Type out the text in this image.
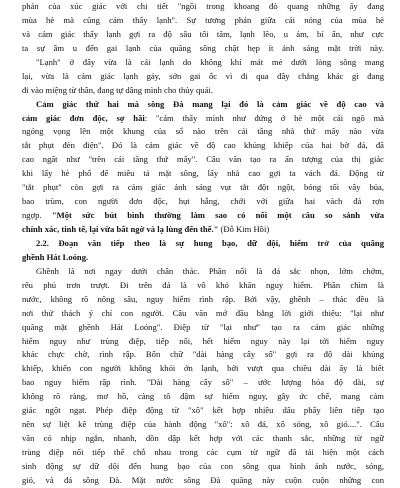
phản của xúc giác với chi tiết "ngồi trong khoang đò quang những ấy đang
mùa hè mà cũng cảm thấy lạnh". Sự tương phản giữa cái nóng của mùa hè
và cảm giác thấy lạnh gợi ra độ sâu tối tăm, lạnh lẽo, u ám, bí ẩn, như cực
ta sự âm u đến gai lạnh của quãng sông chật hẹp ít ánh sáng mặt trời này.
"Lạnh" ở đây vừa là cái lạnh do không khí mát mẻ dưới lòng sông mang
lại, vừa là cảm giác lạnh gáy, sởn gai ốc vì đi qua đây chẳng khác gì đang
đi vào miệng từ thần, đang tự dâng mình cho thủy quái.
Cảm giác thứ hai mà sông Đà mang lại đó là cảm giác về độ cao và
cảm giác đơn độc, sợ hãi: "cảm thấy mình như đứng ở hè một cái ngõ mà
ngóng vọng lên một khung của sổ nào trên cái tầng nhà thứ mấy nào vừa
tắt phụt đèn điện". Đó là cảm giác về độ cao khủng khiếp của hai bờ đá, đã
cao ngất như "trên cái tầng thứ mấy". Câu văn tạo ra ấn tượng của thị giác
khi lấy hè phố để miêu tả mặt sông, lấy nhà cao gợi ta vách đá. Động từ
"tắt phụt" còn gợi ra cảm giác ánh sáng vụt tắt đột ngột, bóng tối vây bủa,
bao trùm, con người đơn độc, hụt hẫng, chới với giữa hai vách đá rợn
ngợp. "Một sức bút bình thường làm sao có nổi một câu so sánh vừa
chính xác, tinh tế, lại vừa bất ngờ và lạ lùng đến thế." (Đỗ Kim Hồi)
2.2. Đoạn văn tiếp theo là sự hung bạo, dữ dội, hiểm trở của quãng
ghềnh Hát Loóng.
Ghềnh là nơi ngay dưới chân thác. Phần nối là đá sắc nhọn, lởm chởm,
rêu phủ trơn trượt. Đi trên đá là vô khó khăn nguy hiểm. Phần chìm là
nước, không rõ nông sâu, nguy hiểm rình rập. Bởi vậy, ghềnh – thác đều là
nơi thử thách ý chí con người. Câu văn mở đầu bằng lời giới thiệu: "lại như
quãng mặt ghềnh Hát Loóng". Điệp từ "lại như" tạo ra cảm giác những
hiểm nguy như trùng điệp, tiếp nối, hết hiểm nguy này lại tới hiểm nguy
khác chực chờ, rình rập. Bốn chữ "dài hàng cây số" gợi ra độ dài khủng
khiếp, khiến con người không khỏi ớn lạnh, bởi vượt qua chiều dài ấy là biết
bao nguy hiểm rập rình. "Dài hàng cây số" – ước lượng hóa độ dài, sự
không rõ ràng, mơ hồ, càng tô đậm sự hiểm nguy, gây ức chế, mang cảm
giác ngột ngạt. Phép điệp động từ "xô" kết hợp nhiều dấu phẩy liên tiếp tạo
nên sự liệt kê trùng điệp của hành động "xô": xô đá, xô sóng, xô gió....". Câu
văn có nhịp ngắn, nhanh, dồn dập kết hợp với các thanh sắc, những từ ngữ
trùng điệp nối tiếp thể chỗ nhau trong các cụm từ ngữ đã tái hiện một cách
sinh động sự dữ dội đến hung bạo của con sông qua hình ảnh nước, sóng,
gió, và đá sông Đà. Mặt nước sông Đà quăng này cuộn cuộn những con
